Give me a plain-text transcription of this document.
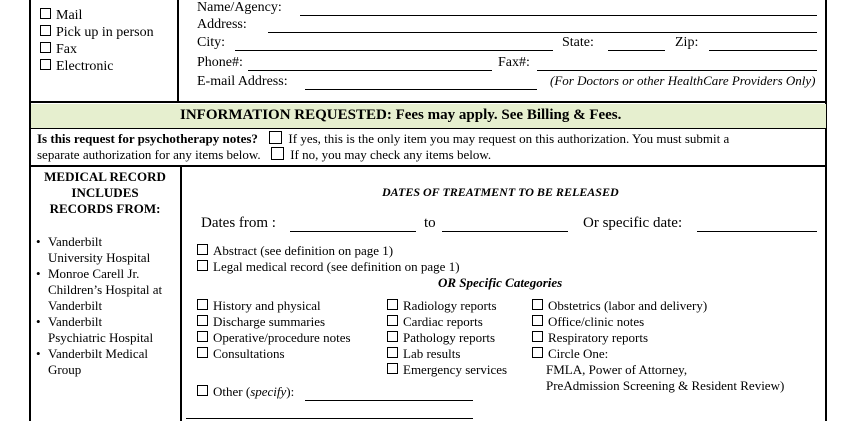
Mail
Pick up in person
Fax
Electronic
Name/Agency:
Address:
City:	State:	Zip:
Phone#:	Fax#:
E-mail Address:	(For Doctors or other HealthCare Providers Only)
INFORMATION REQUESTED: Fees may apply. See Billing & Fees.
Is this request for psychotherapy notes? If yes, this is the only item you may request on this authorization. You must submit a
separate authorization for any items below. If no, you may check any items below.
MEDICAL RECORD
INCLUDES
RECORDS FROM:
• Vanderbilt
University Hospital
• Monroe Carell Jr.
Children’s Hospital at
Vanderbilt
• Vanderbilt
Psychiatric Hospital
• Vanderbilt Medical
Group
DATES OF TREATMENT TO BE RELEASED
Dates from :	to	Or specific date:
Abstract (see definition on page 1)
Legal medical record (see definition on page 1)
OR Specific Categories
History and physical
Discharge summaries
Operative/procedure notes
Consultations
Radiology reports
Cardiac reports
Pathology reports
Lab results
Emergency services
Obstetrics (labor and delivery)
Office/clinic notes
Respiratory reports
Circle One:
FMLA, Power of Attorney,
PreAdmission Screening & Resident Review)
Other (specify):
